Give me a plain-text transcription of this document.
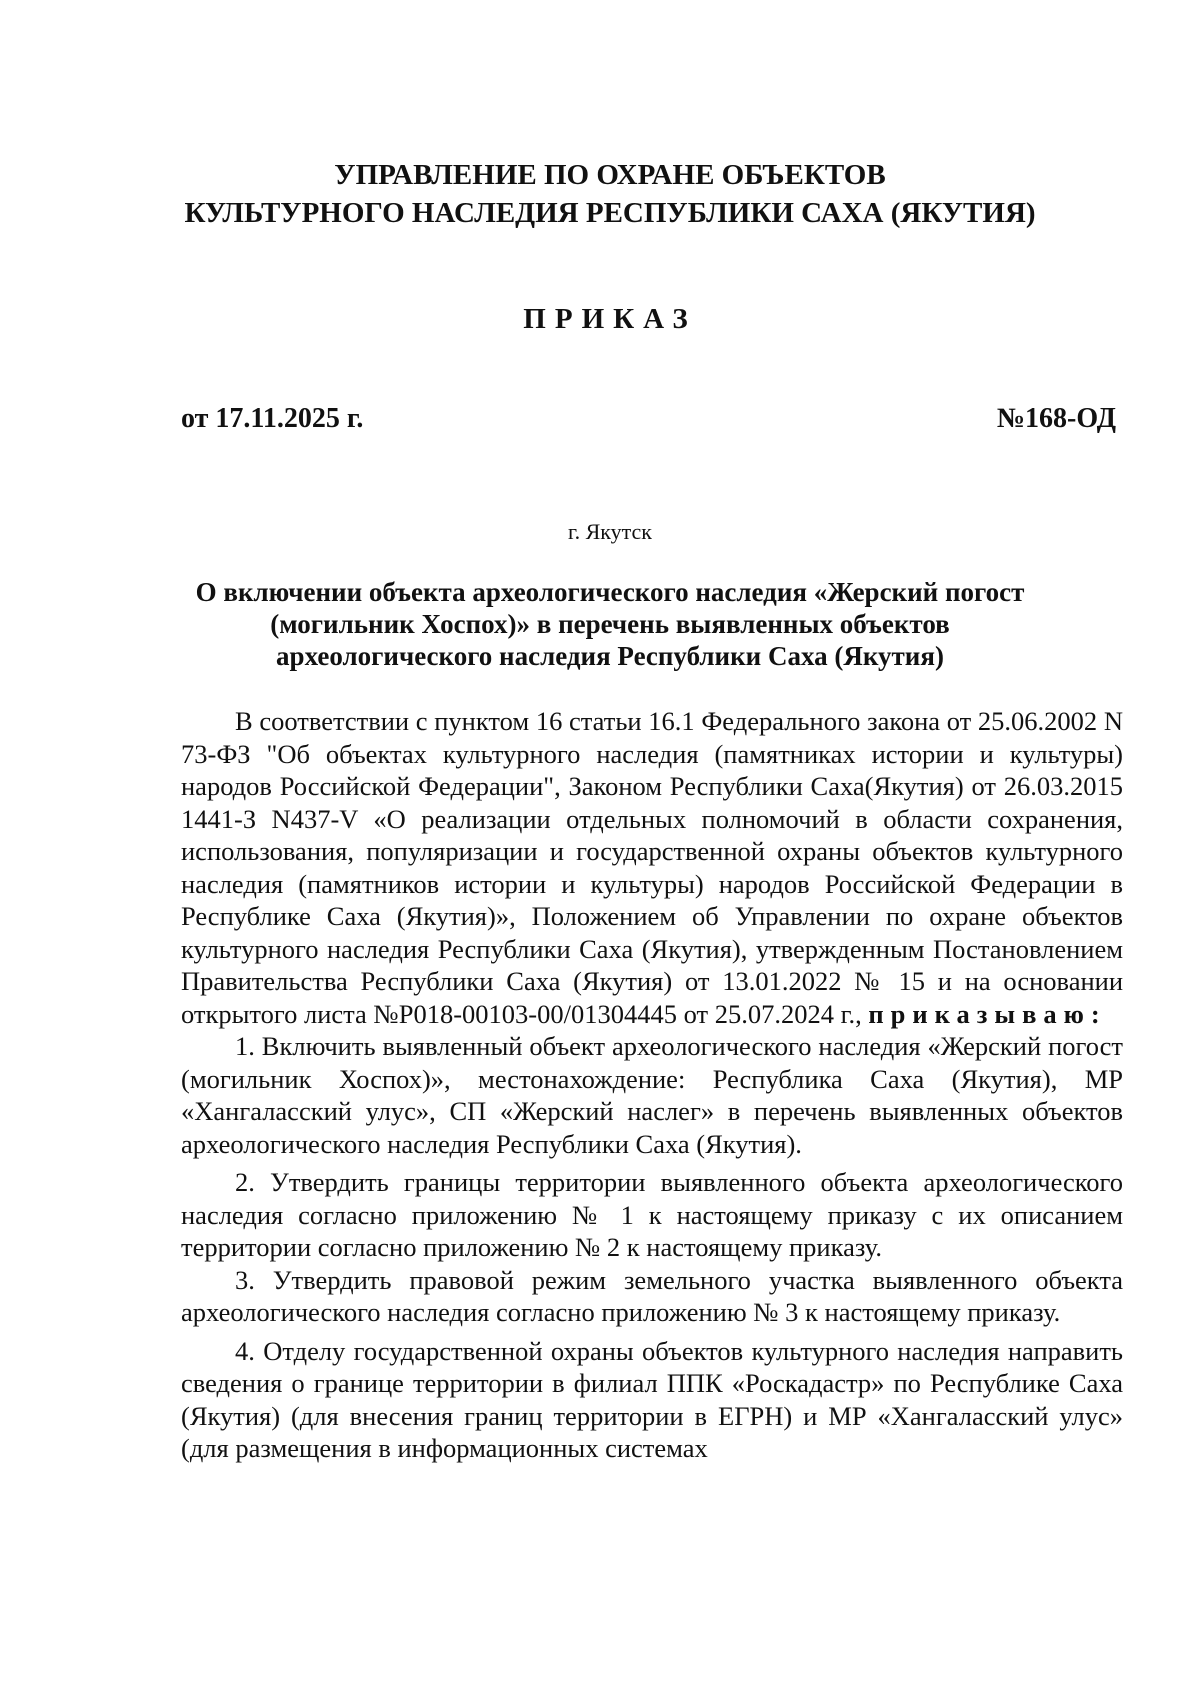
УПРАВЛЕНИЕ ПО ОХРАНЕ ОБЪЕКТОВ
КУЛЬТУРНОГО НАСЛЕДИЯ РЕСПУБЛИКИ САХА (ЯКУТИЯ)
ПРИКАЗ
от 17.11.2025 г.	№168-ОД
г. Якутск
О включении объекта археологического наследия «Жерский погост
(могильник Хоспох)» в перечень выявленных объектов
археологического наследия Республики Саха (Якутия)

В соответствии с пунктом 16 статьи 16.1 Федерального закона от 25.06.2002 N 73-ФЗ "Об объектах культурного наследия (памятниках истории и культуры) народов Российской Федерации", Законом Республики Саха(Якутия) от 26.03.2015 1441-З N437-V «О реализации отдельных полномочий в области сохранения, использования, популяризации и государственной охраны объектов культурного наследия (памятников истории и культуры) народов Российской Федерации в Республике Саха (Якутия)», Положением об Управлении по охране объектов культурного наследия Республики Саха (Якутия), утвержденным Постановлением Правительства Республики Саха (Якутия) от 13.01.2022 № 15 и на основании открытого листа №Р018-00103-00/01304445 от 25.07.2024 г., приказываю:

1. Включить выявленный объект археологического наследия «Жерский погост (могильник Хоспох)», местонахождение: Республика Саха (Якутия), МР «Хангаласский улус», СП «Жерский наслег» в перечень выявленных объектов археологического наследия Республики Саха (Якутия).

2. Утвердить границы территории выявленного объекта археологического наследия согласно приложению № 1 к настоящему приказу с их описанием территории согласно приложению № 2 к настоящему приказу.

3. Утвердить правовой режим земельного участка выявленного объекта археологического наследия согласно приложению № 3 к настоящему приказу.

4. Отделу государственной охраны объектов культурного наследия направить сведения о границе территории в филиал ППК «Роскадастр» по Республике Саха (Якутия) (для внесения границ территории в ЕГРН) и МР «Хангаласский улус» (для размещения в информационных системах
